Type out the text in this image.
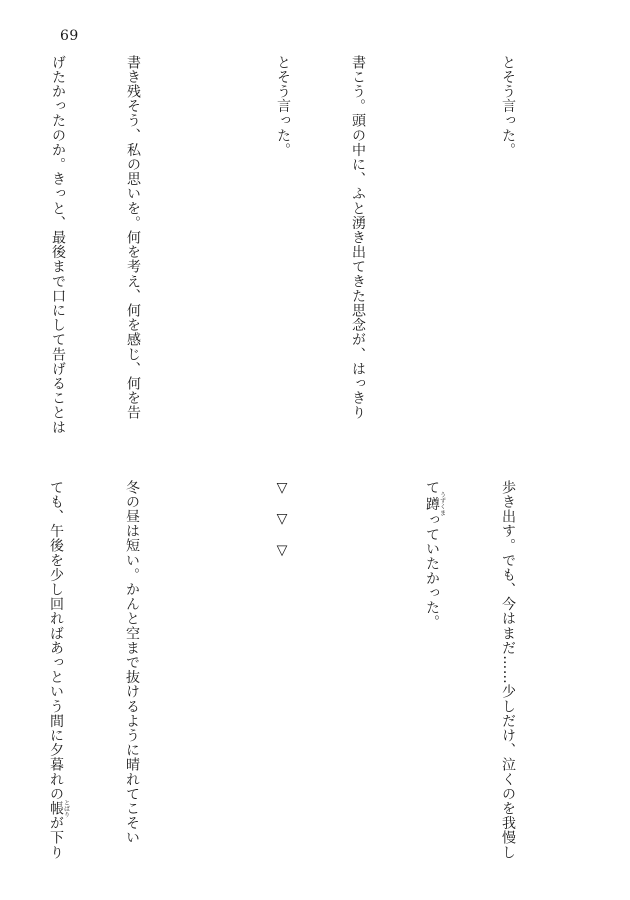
69

とそう言った。

書こう。頭の中に、ふと湧き出てきた思念が、はっきり

とそう言った。

書き残そう、私の思いを。何を考え、何を感じ、何を告

げたかったのか。きっと、最後まで口にして告げることは

歩き出す。でも、今はまだ……少しだけ、泣くのを我慢し

て蹲うずくまっていたかった。

▽　▽　▽

冬の昼は短い。かんと空まで抜けるように晴れてこそい

ても、午後を少し回ればあっという間に夕暮れの帳とばりが下り
